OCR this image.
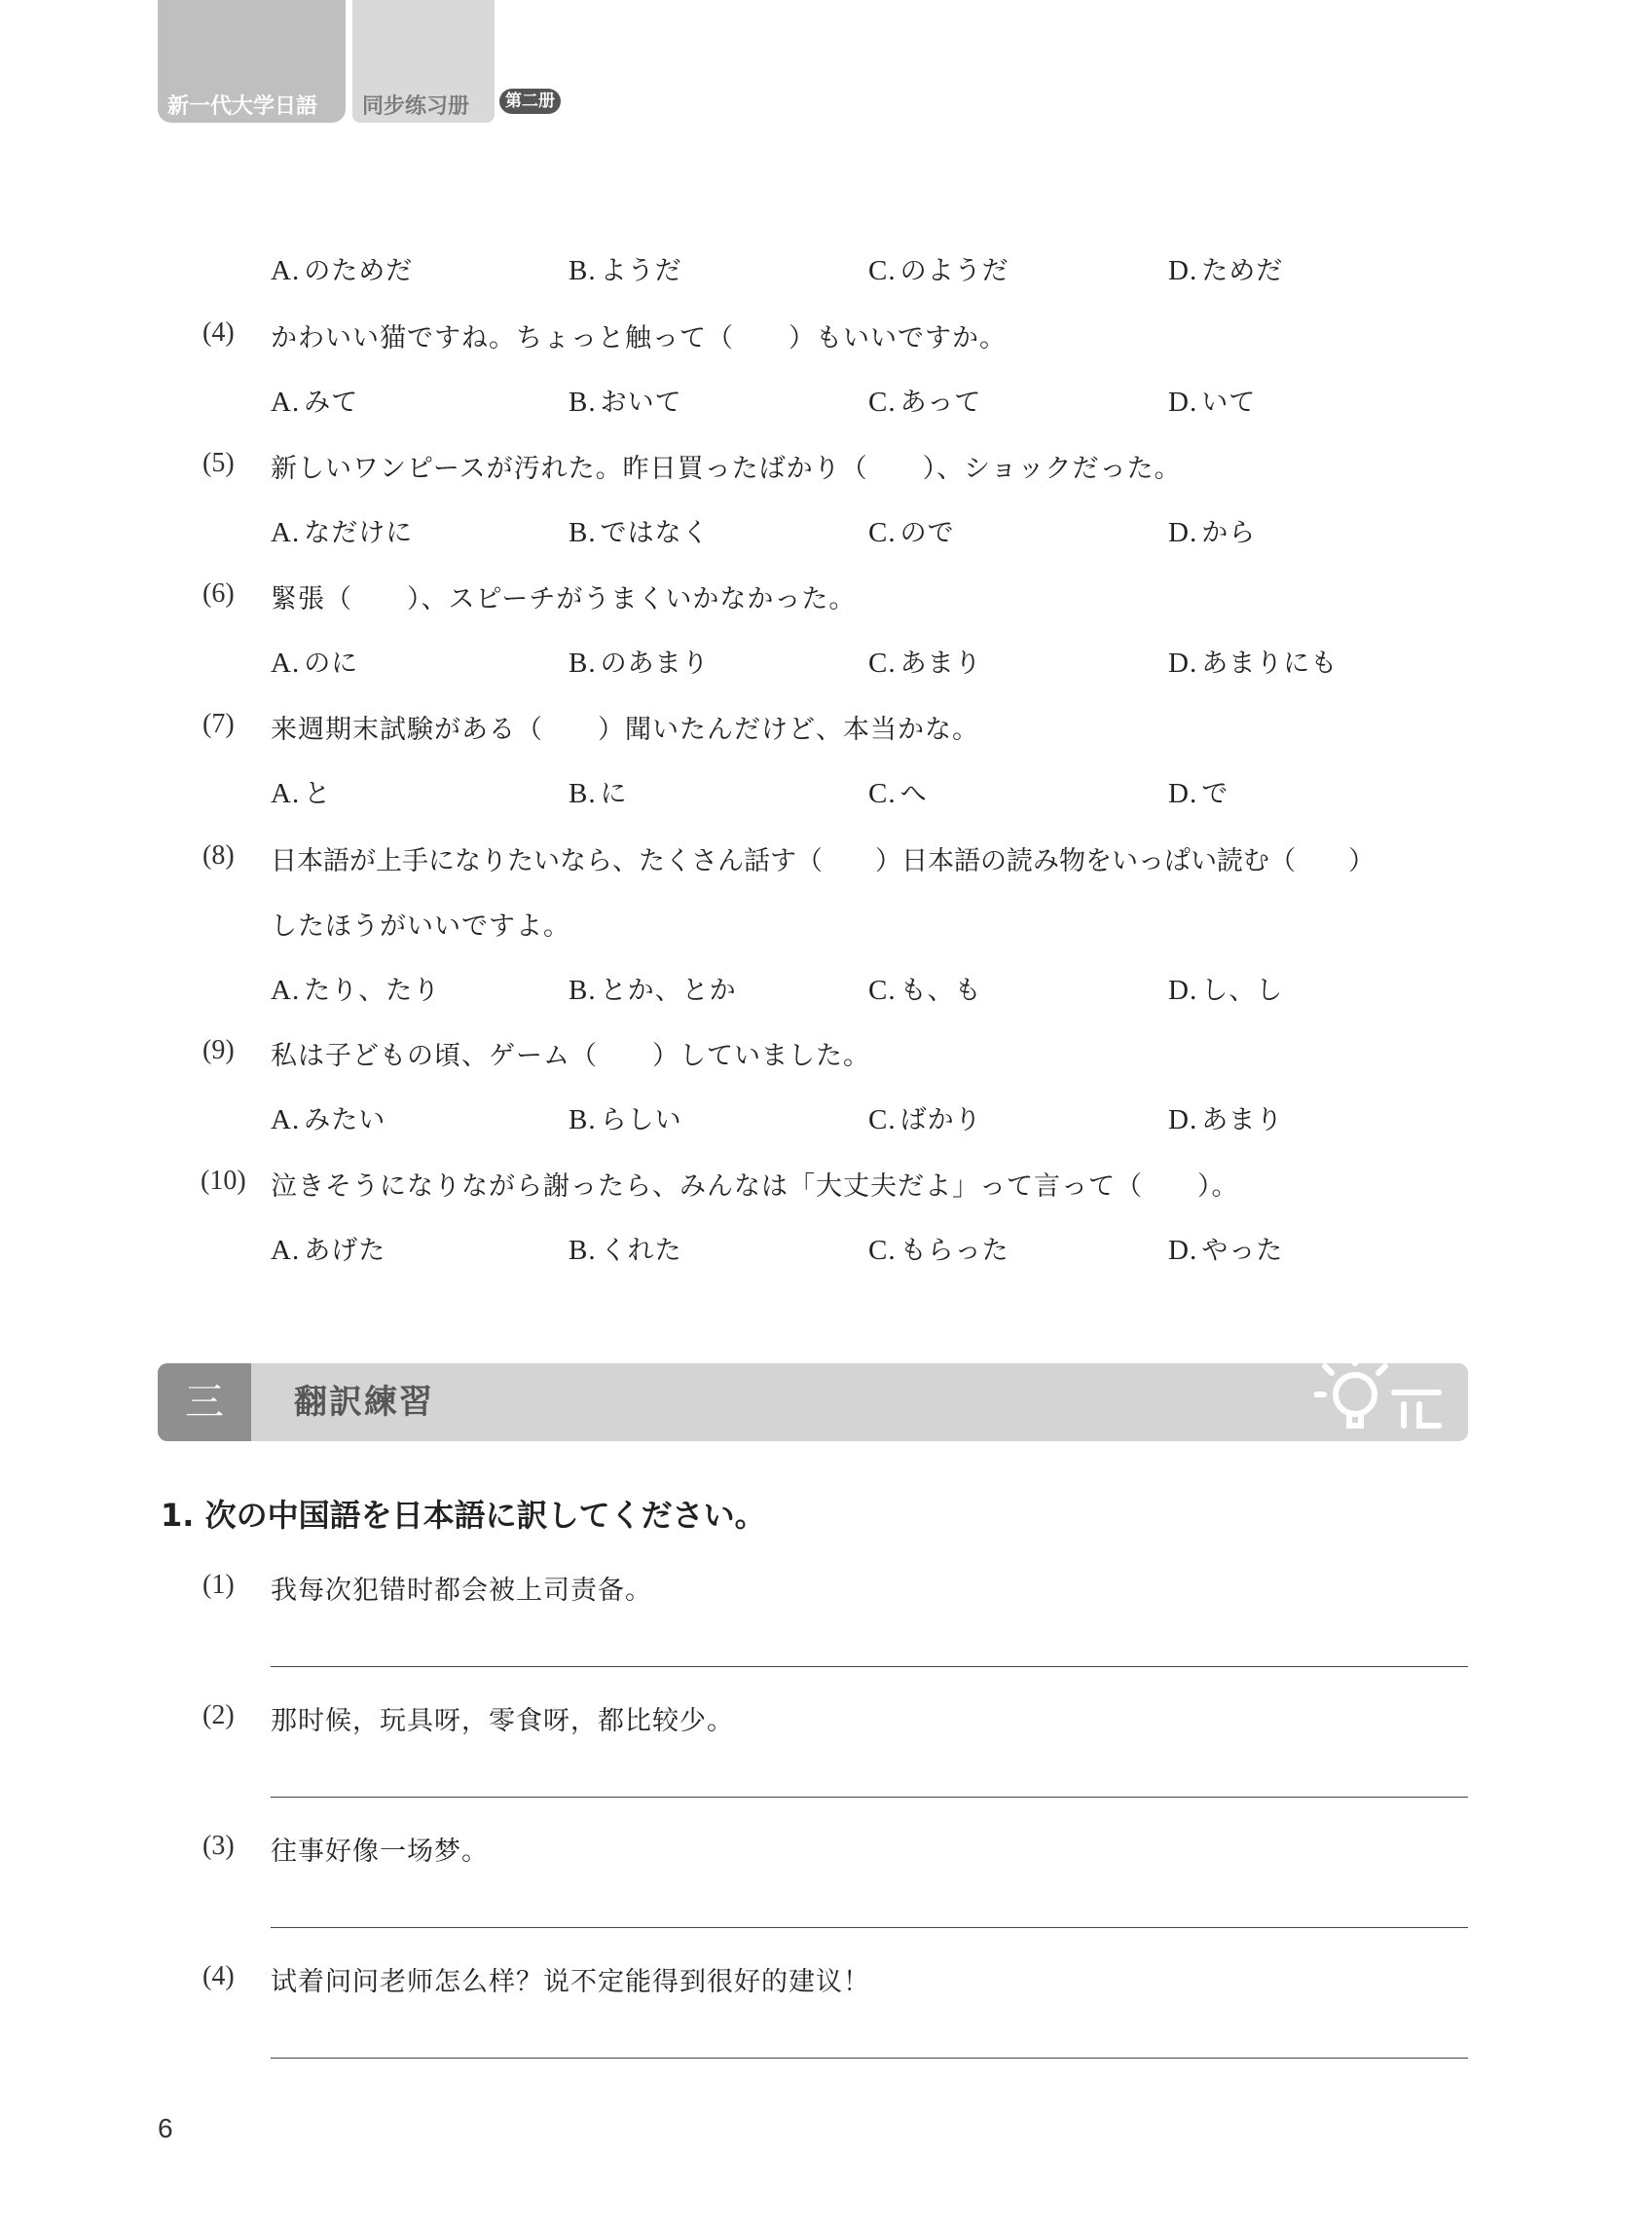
新一代大学日語 同步练习册	第二册
A. のためだ	B. ようだ	C. のようだ	D. ためだ
(4) かわいい猫ですね。ちょっと触って（　　）もいいですか。
A. みて	B. おいて	C. あって	D. いて
(5) 新しいワンピースが汚れた。昨日買ったばかり（　　）、ショックだった。
A. なだけに	B. ではなく	C. ので	D. から
(6) 緊張（　　）、スピーチがうまくいかなかった。
A. のに	B. のあまり	C. あまり	D. あまりにも
(7) 来週期末試験がある（　　）聞いたんだけど、本当かな。
A. と	B. に	C. へ	D. で
(8) 日本語が上手になりたいなら、たくさん話す（　　）日本語の読み物をいっぱい読む（　　）
したほうがいいですよ。
A. たり、たり	B. とか、とか	C. も、も	D. し、し
(9) 私は子どもの頃、ゲーム（　　）していました。
A. みたい	B. らしい	C. ばかり	D. あまり
(10) 泣きそうになりながら謝ったら、みんなは「大丈夫だよ」って言って（　　）。
A. あげた	B. くれた	C. もらった	D. やった
三	翻訳練習
1. 次の中国語を日本語に訳してください。
(1) 我每次犯错时都会被上司责备。
(2) 那时候，玩具呀，零食呀，都比较少。
(3) 往事好像一场梦。
(4) 试着问问老师怎么样？说不定能得到很好的建议！
6
